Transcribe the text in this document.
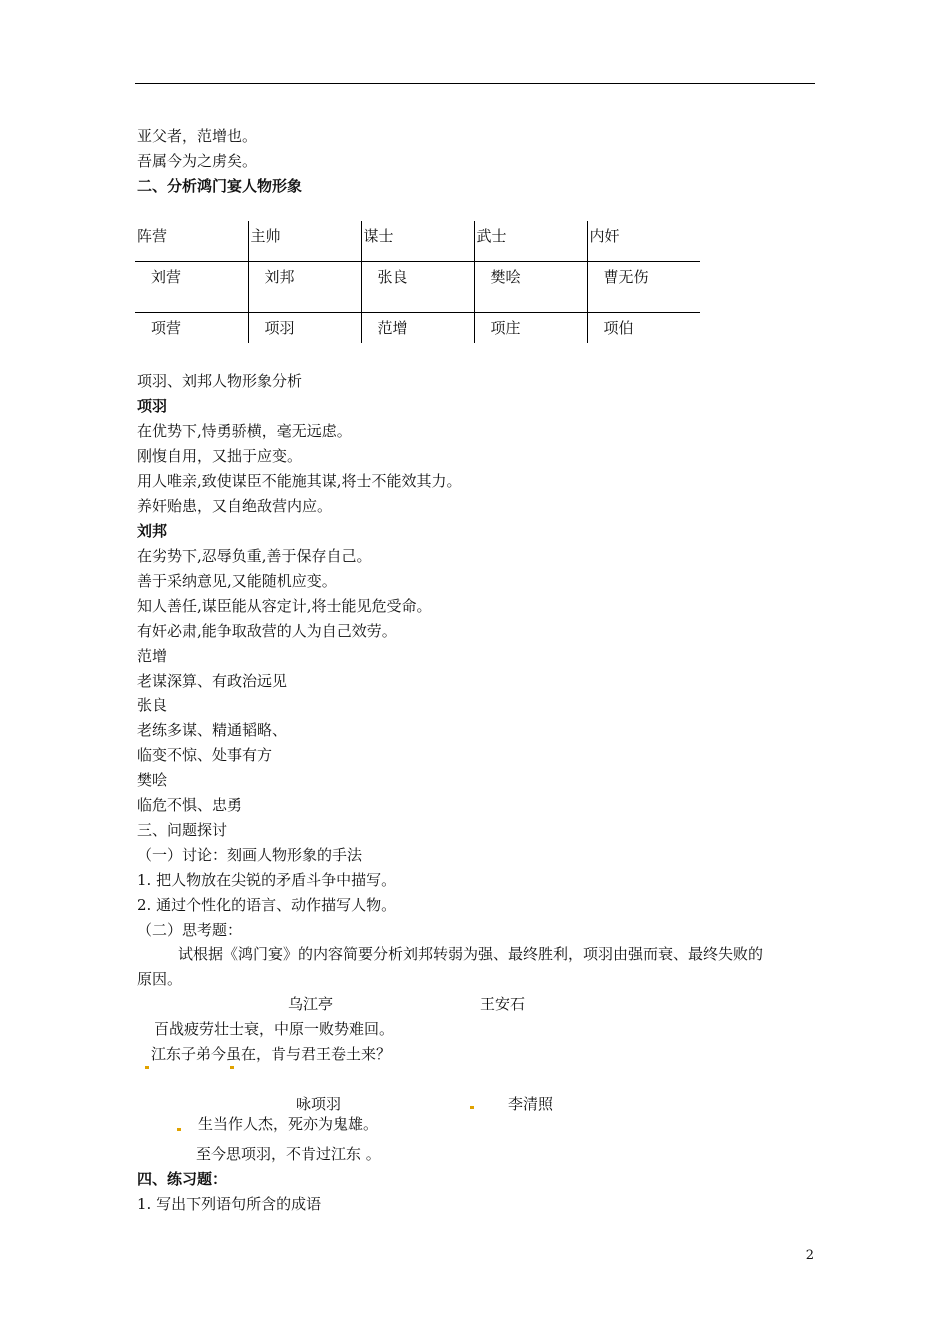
亚父者，范增也。
吾属今为之虏矣。
二、分析鸿门宴人物形象
阵营	主帅	谋士	武士	内奸
刘营	刘邦	张良	樊哙	曹无伤
项营	项羽	范增	项庄	项伯
项羽、刘邦人物形象分析
项羽
在优势下,恃勇骄横，毫无远虑。
刚愎自用，又拙于应变。
用人唯亲,致使谋臣不能施其谋,将士不能效其力。
养奸贻患，又自绝敌营内应。
刘邦
在劣势下,忍辱负重,善于保存自己。
善于采纳意见,又能随机应变。
知人善任,谋臣能从容定计,将士能见危受命。
有奸必肃,能争取敌营的人为自己效劳。
范增
老谋深算、有政治远见
张良
老练多谋、精通韬略、
临变不惊、处事有方
樊哙
临危不惧、忠勇
三、问题探讨
（一）讨论：刻画人物形象的手法
1. 把人物放在尖锐的矛盾斗争中描写。
2. 通过个性化的语言、动作描写人物。
（二）思考题：
试根据《鸿门宴》的内容简要分析刘邦转弱为强、最终胜利，项羽由强而衰、最终失败的
原因。
乌江亭	王安石
百战疲劳壮士衰，中原一败势难回。
江东子弟今虽在，肯与君王卷土来？
咏项羽	李清照
生当作人杰，死亦为鬼雄。
至今思项羽，不肯过江东 。
四、练习题：
1. 写出下列语句所含的成语
2
